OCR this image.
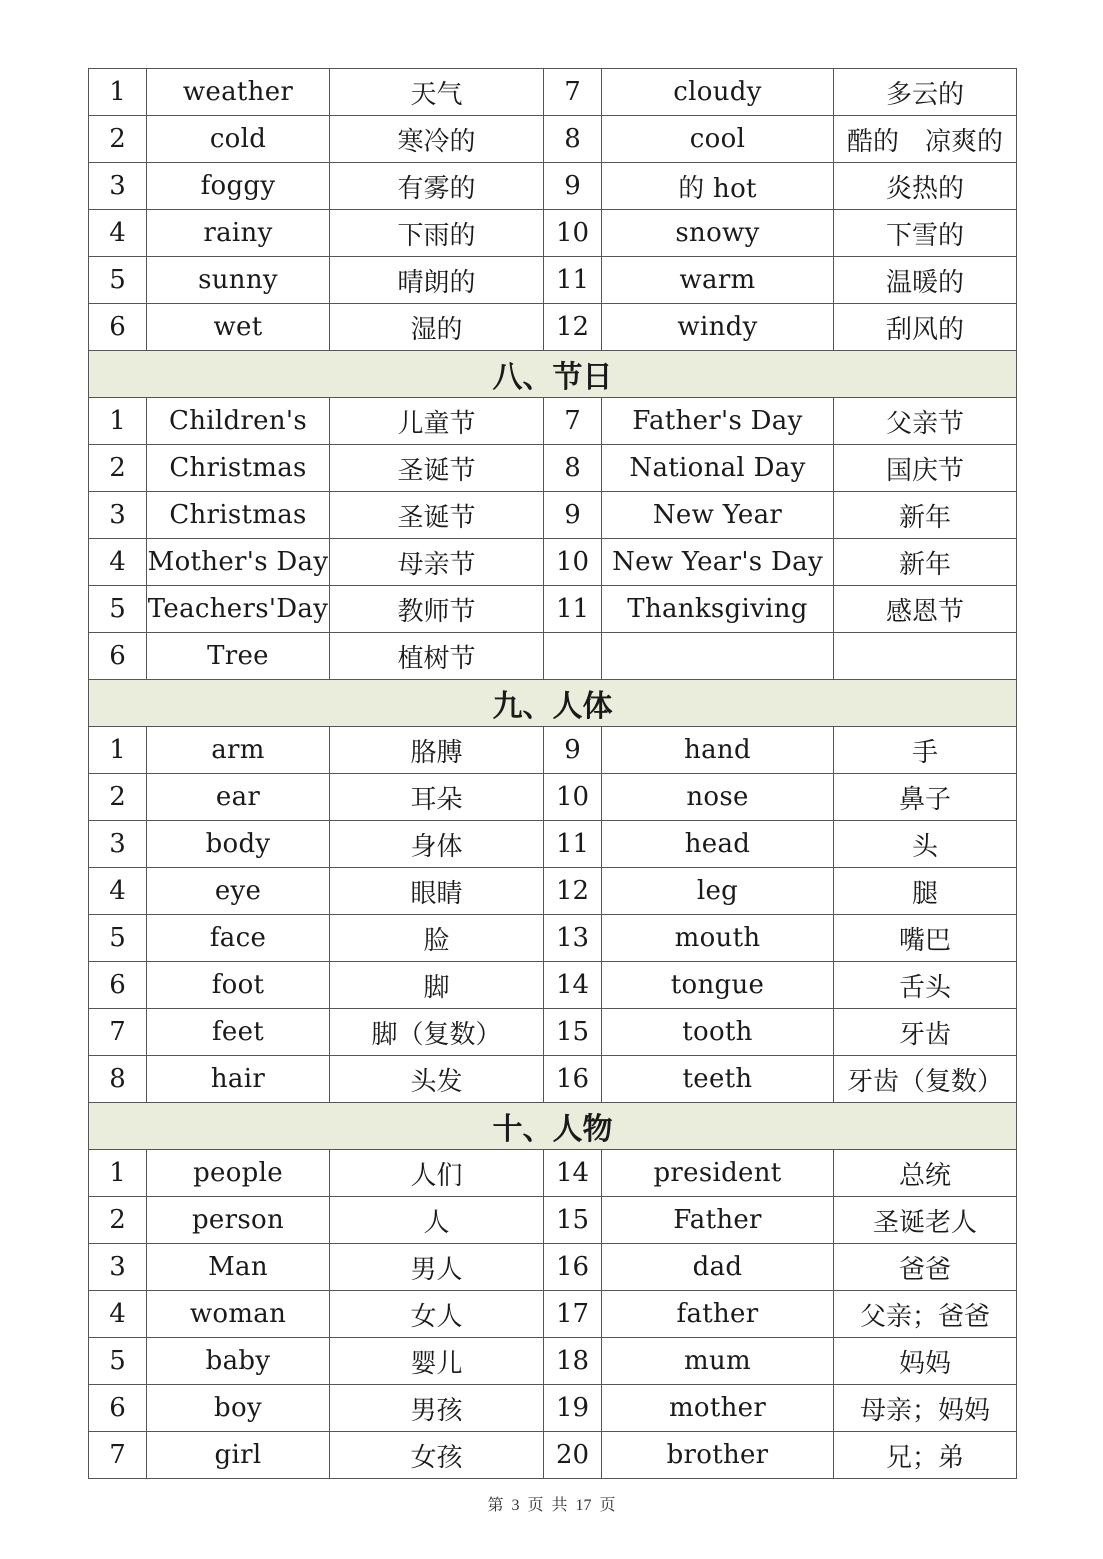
1	weather	天气	7	cloudy	多云的
2	cold	寒冷的	8	cool	酷的　凉爽的
3	foggy	有雾的	9	的 hot	炎热的
4	rainy	下雨的	10	snowy	下雪的
5	sunny	晴朗的	11	warm	温暖的
6	wet	湿的	12	windy	刮风的
八、节日					
1	Children's	儿童节	7	Father's Day	父亲节
2	Christmas	圣诞节	8	National Day	国庆节
3	Christmas	圣诞节	9	New Year	新年
4	Mother's Day	母亲节	10	New Year's Day	新年
5	Teachers'Day	教师节	11	Thanksgiving	感恩节
6	Tree	植树节			
九、人体					
1	arm	胳膊	9	hand	手
2	ear	耳朵	10	nose	鼻子
3	body	身体	11	head	头
4	eye	眼睛	12	leg	腿
5	face	脸	13	mouth	嘴巴
6	foot	脚	14	tongue	舌头
7	feet	脚（复数）	15	tooth	牙齿
8	hair	头发	16	teeth	牙齿（复数）
十、人物					
1	people	人们	14	president	总统
2	person	人	15	Father	圣诞老人
3	Man	男人	16	dad	爸爸
4	woman	女人	17	father	父亲；爸爸
5	baby	婴儿	18	mum	妈妈
6	boy	男孩	19	mother	母亲；妈妈
7	girl	女孩	20	brother	兄；弟
第 3 页 共 17 页
